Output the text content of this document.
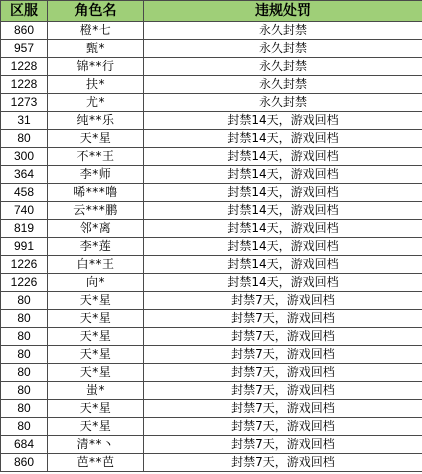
区服	角色名	违规处罚
860	橙*七	永久封禁
957	甄*	永久封禁
1228	锦**行	永久封禁
1228	扶*	永久封禁
1273	尤*	永久封禁
31	纯**乐	封禁14天，游戏回档
80	天*星	封禁14天，游戏回档
300	不**王	封禁14天，游戏回档
364	李*师	封禁14天，游戏回档
458	唏***噜	封禁14天，游戏回档
740	云***鹏	封禁14天，游戏回档
819	邻*离	封禁14天，游戏回档
991	李*莲	封禁14天，游戏回档
1226	白**王	封禁14天，游戏回档
1226	向*	封禁14天，游戏回档
80	天*星	封禁7天，游戏回档
80	天*星	封禁7天，游戏回档
80	天*星	封禁7天，游戏回档
80	天*星	封禁7天，游戏回档
80	天*星	封禁7天，游戏回档
80	蚩*	封禁7天，游戏回档
80	天*星	封禁7天，游戏回档
80	天*星	封禁7天，游戏回档
684	清**丶	封禁7天，游戏回档
860	芭**芭	封禁7天，游戏回档
